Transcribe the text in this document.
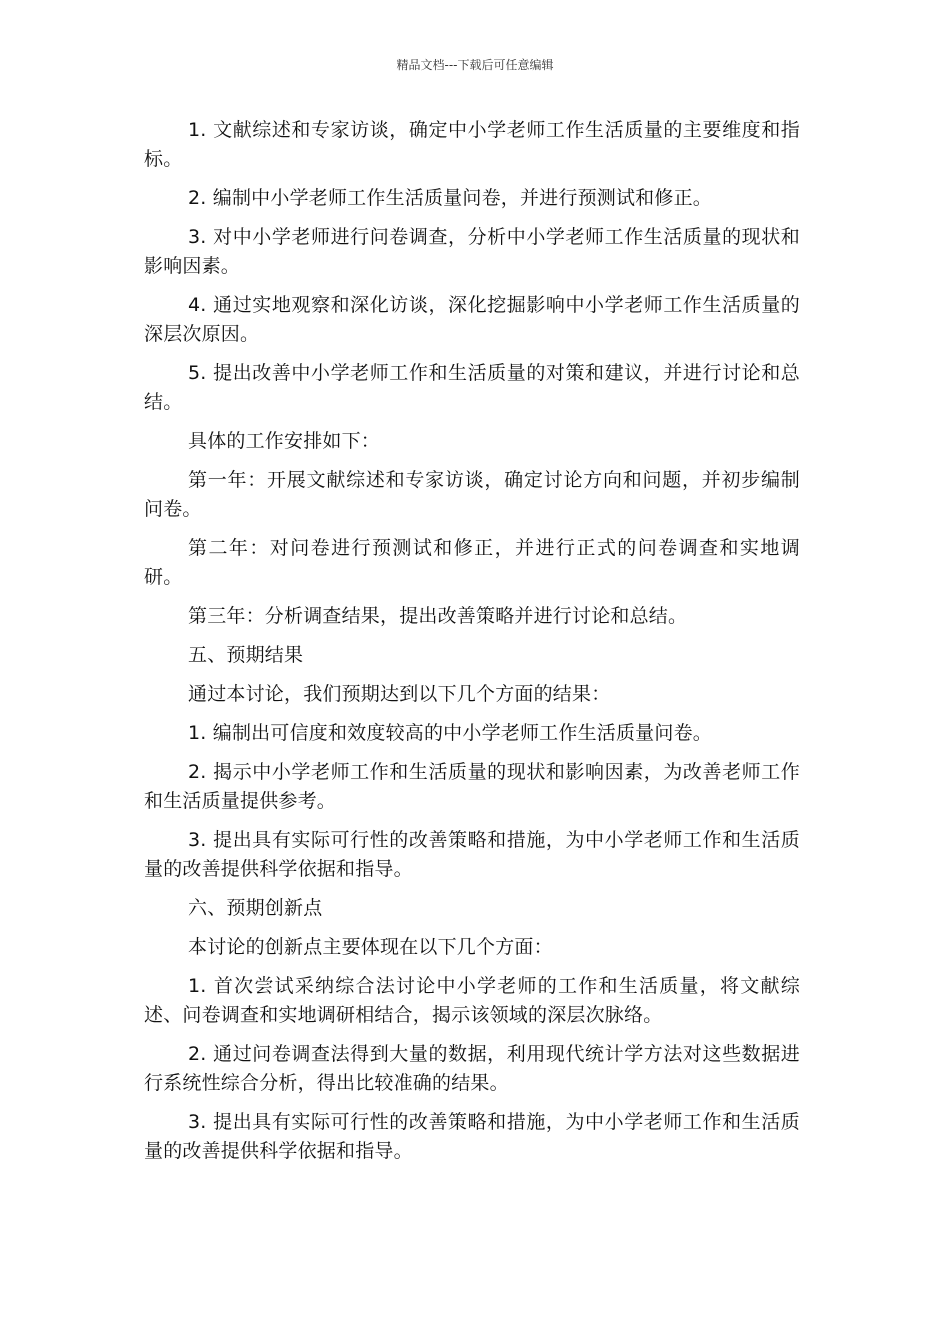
精品文档---下载后可任意编辑

1. 文献综述和专家访谈，确定中小学老师工作生活质量的主要维度和指标。

2. 编制中小学老师工作生活质量问卷，并进行预测试和修正。

3. 对中小学老师进行问卷调查，分析中小学老师工作生活质量的现状和影响因素。

4. 通过实地观察和深化访谈，深化挖掘影响中小学老师工作生活质量的深层次原因。

5. 提出改善中小学老师工作和生活质量的对策和建议，并进行讨论和总结。

具体的工作安排如下：

第一年：开展文献综述和专家访谈，确定讨论方向和问题，并初步编制问卷。

第二年：对问卷进行预测试和修正，并进行正式的问卷调查和实地调研。

第三年：分析调查结果，提出改善策略并进行讨论和总结。

五、预期结果

通过本讨论，我们预期达到以下几个方面的结果：

1. 编制出可信度和效度较高的中小学老师工作生活质量问卷。

2. 揭示中小学老师工作和生活质量的现状和影响因素，为改善老师工作和生活质量提供参考。

3. 提出具有实际可行性的改善策略和措施，为中小学老师工作和生活质量的改善提供科学依据和指导。

六、预期创新点

本讨论的创新点主要体现在以下几个方面：

1. 首次尝试采纳综合法讨论中小学老师的工作和生活质量，将文献综述、问卷调查和实地调研相结合，揭示该领域的深层次脉络。

2. 通过问卷调查法得到大量的数据，利用现代统计学方法对这些数据进行系统性综合分析，得出比较准确的结果。

3. 提出具有实际可行性的改善策略和措施，为中小学老师工作和生活质量的改善提供科学依据和指导。
